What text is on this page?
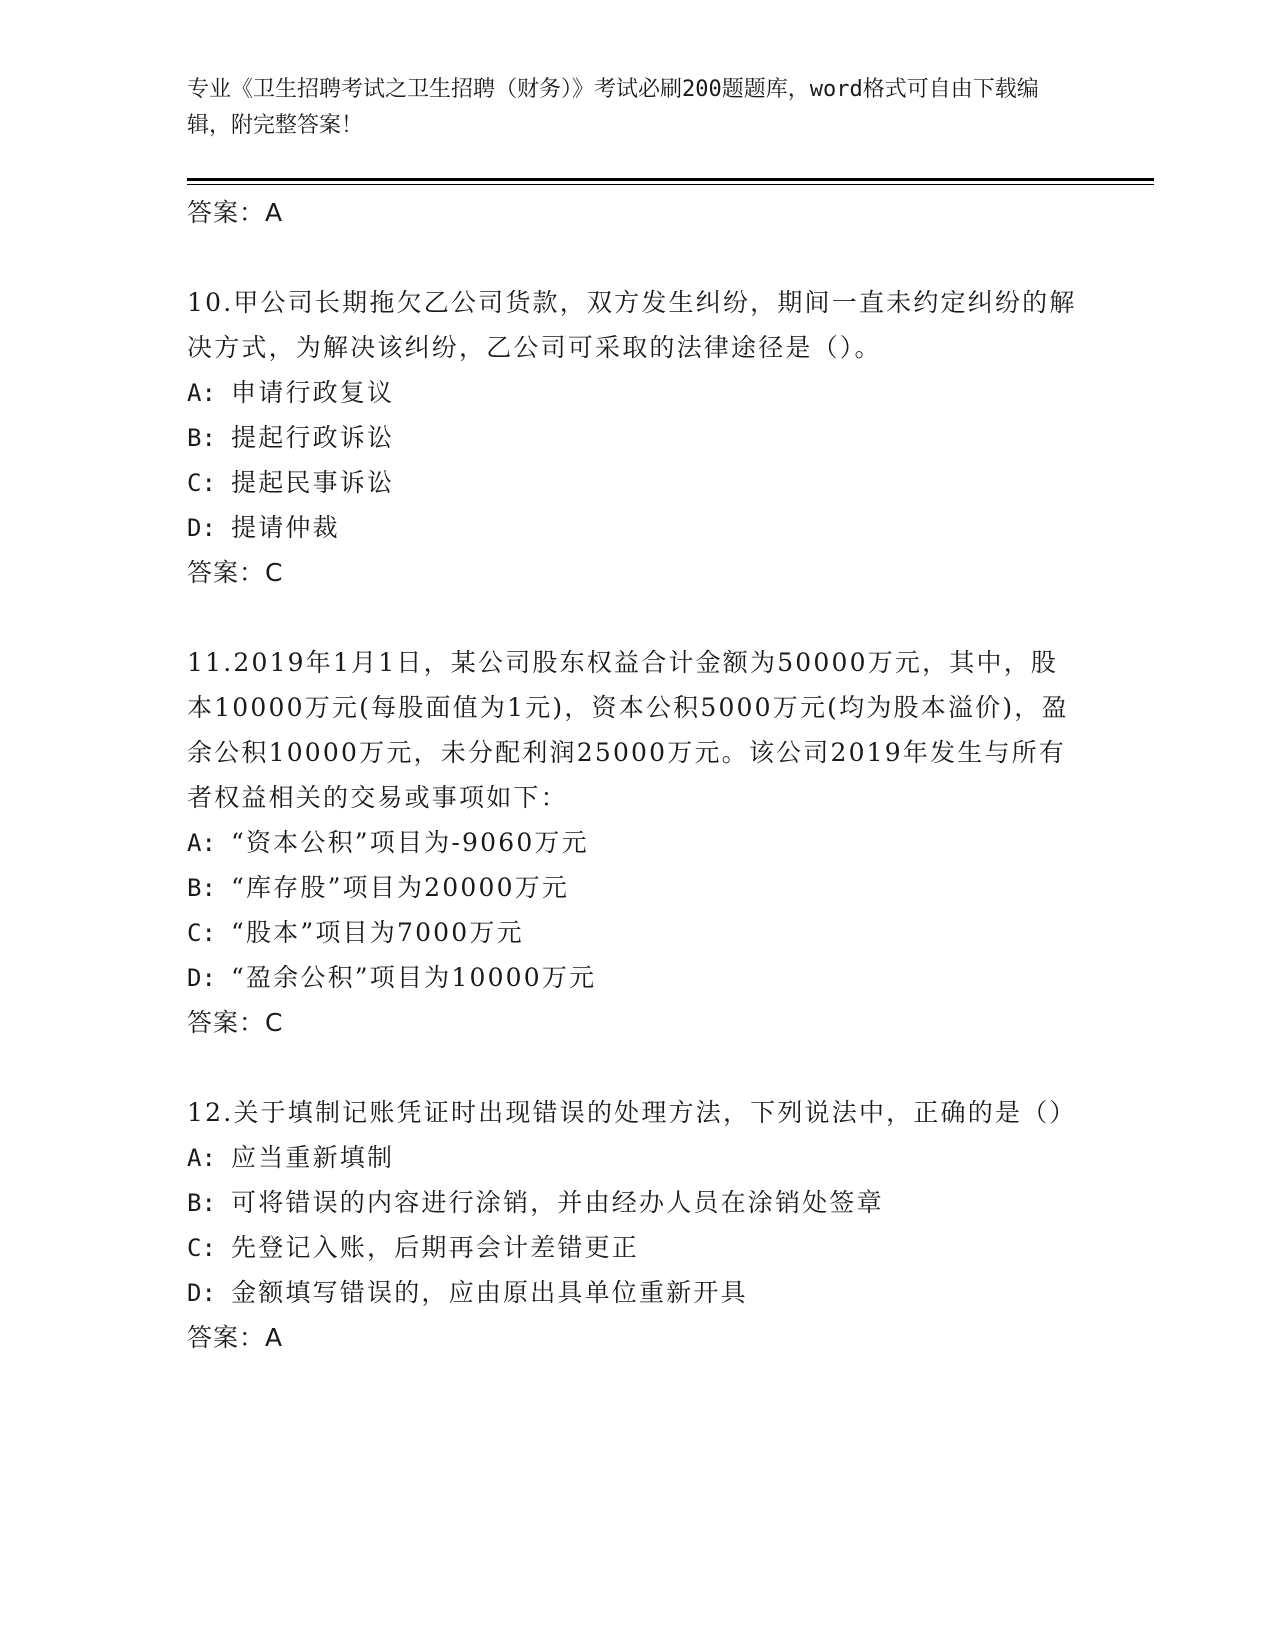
专业《卫生招聘考试之卫生招聘（财务）》考试必刷200题题库，word格式可自由下载编辑，附完整答案！
答案：A
10.甲公司长期拖欠乙公司货款，双方发生纠纷，期间一直未约定纠纷的解决方式，为解决该纠纷，乙公司可采取的法律途径是（）。
A: 申请行政复议
B: 提起行政诉讼
C: 提起民事诉讼
D: 提请仲裁
答案：C
11.2019年1月1日，某公司股东权益合计金额为50000万元，其中，股本10000万元(每股面值为1元)，资本公积5000万元(均为股本溢价)，盈余公积10000万元，未分配利润25000万元。该公司2019年发生与所有者权益相关的交易或事项如下：
A: “资本公积”项目为-9060万元
B: “库存股”项目为20000万元
C: “股本”项目为7000万元
D: “盈余公积”项目为10000万元
答案：C
12.关于填制记账凭证时出现错误的处理方法，下列说法中，正确的是（）
A: 应当重新填制
B: 可将错误的内容进行涂销，并由经办人员在涂销处签章
C: 先登记入账，后期再会计差错更正
D: 金额填写错误的，应由原出具单位重新开具
答案：A
